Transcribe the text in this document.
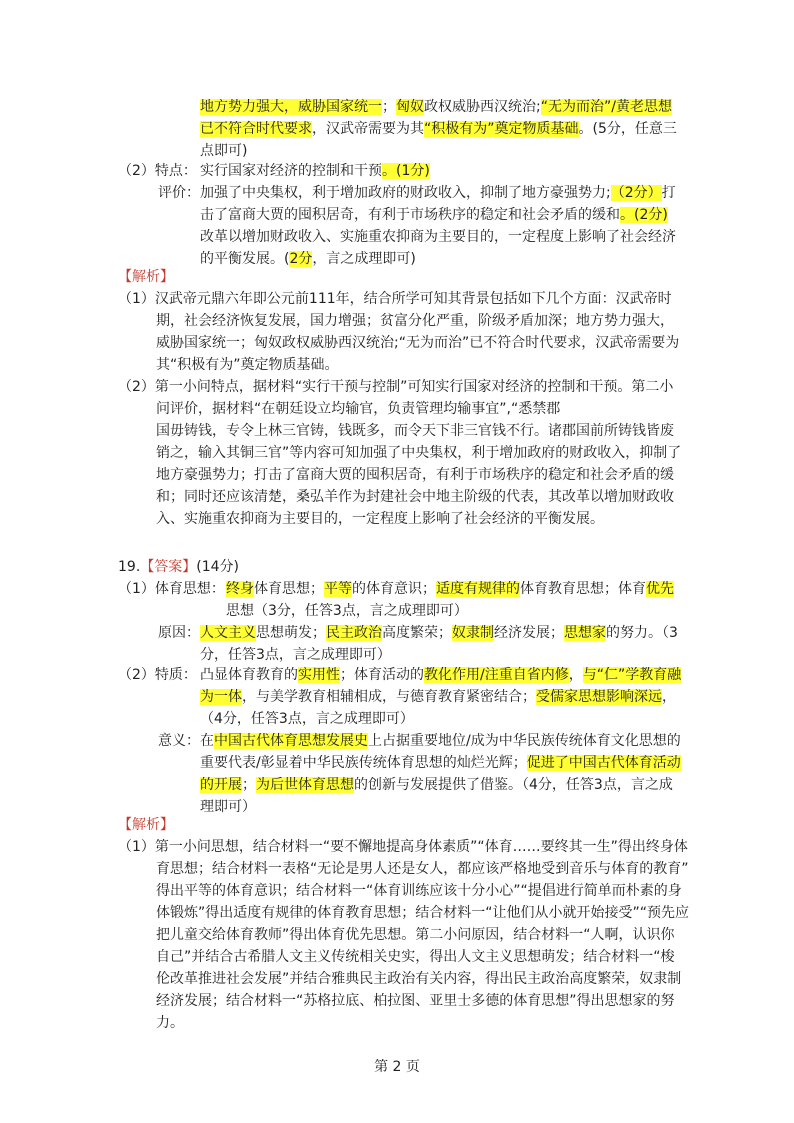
地方势力强大，威胁国家统一；匈奴政权威胁西汉统治;“无为而治”/黄老思想
已不符合时代要求，汉武帝需要为其“积极有为”奠定物质基础。(5分，任意三
点即可)
（2）特点： 实行国家对经济的控制和干预。(1分)
评价： 加强了中央集权，利于增加政府的财政收入，抑制了地方豪强势力;（2分）打
击了富商大贾的囤积居奇，有利于市场秩序的稳定和社会矛盾的缓和。(2分)
改革以增加财政收入、实施重农抑商为主要目的，一定程度上影响了社会经济
的平衡发展。(2分，言之成理即可)
【解析】
（1）汉武帝元鼎六年即公元前111年，结合所学可知其背景包括如下几个方面：汉武帝时
期，社会经济恢复发展，国力增强；贫富分化严重，阶级矛盾加深；地方势力强大，
威胁国家统一；匈奴政权威胁西汉统治;“无为而治”已不符合时代要求，汉武帝需要为
其“积极有为”奠定物质基础。
（2）第一小问特点，据材料“实行干预与控制”可知实行国家对经济的控制和干预。第二小
问评价，据材料“在朝廷设立均输官，负责管理均输事宜”,“悉禁郡
国毋铸钱，专令上林三官铸，钱既多，而令天下非三官钱不行。诸郡国前所铸钱皆废
销之，输入其铜三官”等内容可知加强了中央集权，利于增加政府的财政收入，抑制了
地方豪强势力；打击了富商大贾的囤积居奇，有利于市场秩序的稳定和社会矛盾的缓
和；同时还应该清楚，桑弘羊作为封建社会中地主阶级的代表，其改革以增加财政收
入、实施重农抑商为主要目的，一定程度上影响了社会经济的平衡发展。
19.【答案】(14分)
（1）体育思想： 终身体育思想；平等的体育意识；适度有规律的体育教育思想；体育优先
思想（3分，任答3点，言之成理即可）
原因： 人文主义思想萌发；民主政治高度繁荣；奴隶制经济发展；思想家的努力。（3
分，任答3点，言之成理即可）
（2）特质： 凸显体育教育的实用性；体育活动的教化作用/注重自省内修，与“仁”学教育融
为一体，与美学教育相辅相成，与德育教育紧密结合；受儒家思想影响深远，
（4分，任答3点，言之成理即可）
意义： 在中国古代体育思想发展史上占据重要地位/成为中华民族传统体育文化思想的
重要代表/彰显着中华民族传统体育思想的灿烂光辉；促进了中国古代体育活动
的开展；为后世体育思想的创新与发展提供了借鉴。（4分，任答3点，言之成
理即可）
【解析】
（1）第一小问思想，结合材料一“要不懈地提高身体素质”“体育……要终其一生”得出终身体
育思想；结合材料一表格“无论是男人还是女人，都应该严格地受到音乐与体育的教育”
得出平等的体育意识；结合材料一“体育训练应该十分小心”“提倡进行简单而朴素的身
体锻炼”得出适度有规律的体育教育思想；结合材料一“让他们从小就开始接受”“预先应
把儿童交给体育教师”得出体育优先思想。第二小问原因，结合材料一“人啊，认识你
自己”并结合古希腊人文主义传统相关史实，得出人文主义思想萌发；结合材料一“梭
伦改革推进社会发展”并结合雅典民主政治有关内容，得出民主政治高度繁荣，奴隶制
经济发展；结合材料一“苏格拉底、柏拉图、亚里士多德的体育思想”得出思想家的努
力。
第 2 页
